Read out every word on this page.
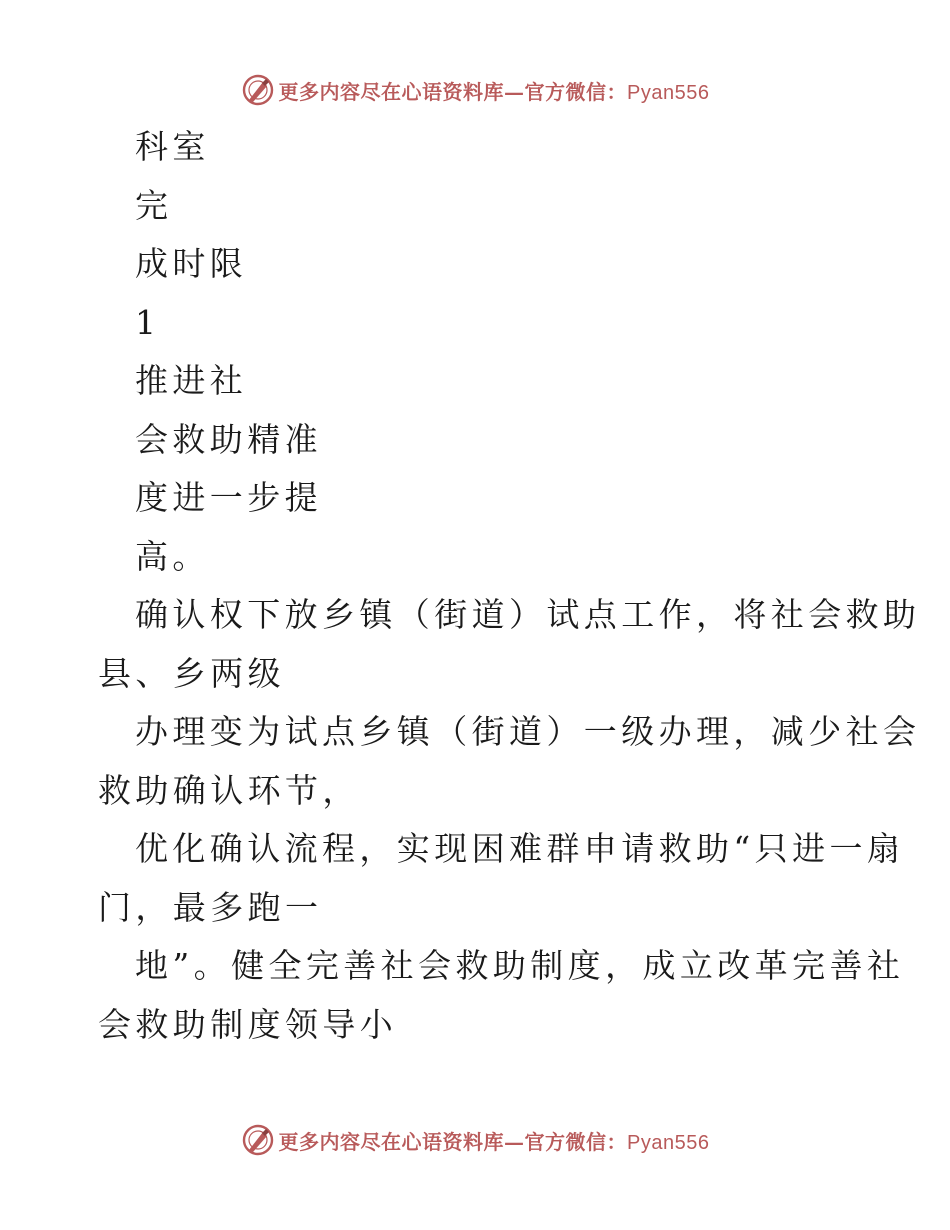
更多内容尽在心语资料库—官方微信：Pyan556
科室
完
成时限
1
推进社
会救助精准
度进一步提
高。
确认权下放乡镇（街道）试点工作，将社会救助
县、乡两级
办理变为试点乡镇（街道）一级办理，减少社会
救助确认环节，
优化确认流程，实现困难群申请救助“只进一扇
门，最多跑一
地”。健全完善社会救助制度，成立改革完善社
会救助制度领导小
更多内容尽在心语资料库—官方微信：Pyan556
